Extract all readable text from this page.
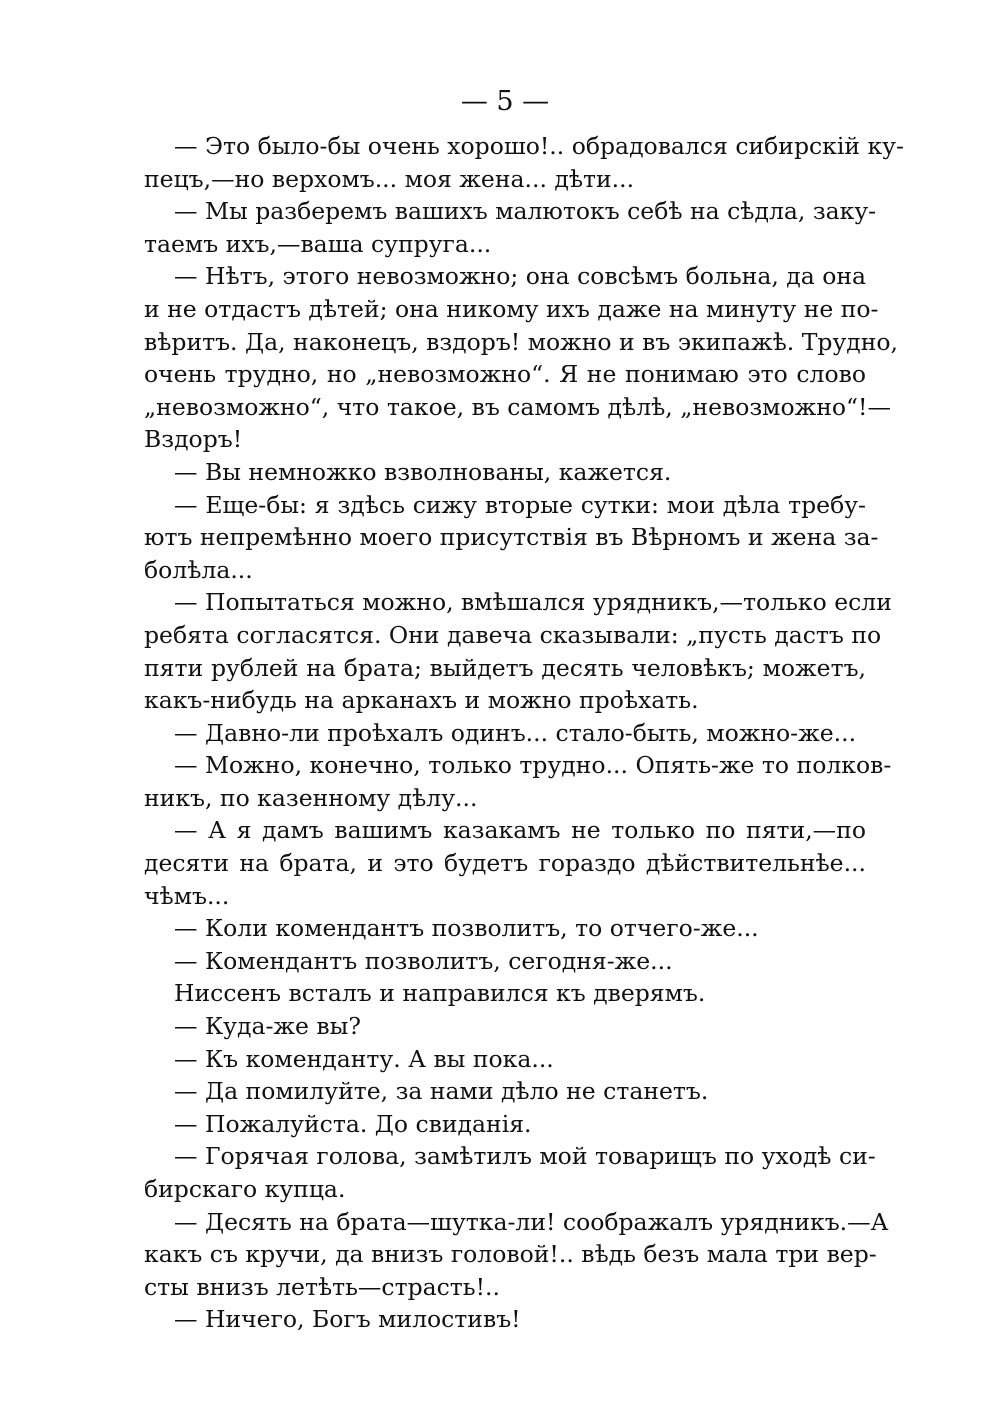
— 5 —
— Это было-бы очень хорошо!.. обрадовался сибирскій ку-
пецъ,—но верхомъ... моя жена... дѣти...
— Мы разберемъ вашихъ малютокъ себѣ на сѣдла, заку-
таемъ ихъ,—ваша супруга...
— Нѣтъ, этого невозможно; она совсѣмъ больна, да она
и не отдастъ дѣтей; она никому ихъ даже на минуту не по-
вѣритъ. Да, наконецъ, вздоръ! можно и въ экипажѣ. Трудно,
очень трудно, но „невозможно“. Я не понимаю это слово
„невозможно“, что такое, въ самомъ дѣлѣ, „невозможно“!—
Вздоръ!
— Вы немножко взволнованы, кажется.
— Еще-бы: я здѣсь сижу вторые сутки: мои дѣла требу-
ютъ непремѣнно моего присутствія въ Вѣрномъ и жена за-
болѣла...
— Попытаться можно, вмѣшался урядникъ,—только если
ребята согласятся. Они давеча сказывали: „пусть дастъ по
пяти рублей на брата; выйдетъ десять человѣкъ; можетъ,
какъ-нибудь на арканахъ и можно проѣхать.
— Давно-ли проѣхалъ одинъ... стало-быть, можно-же...
— Можно, конечно, только трудно... Опять-же то полков-
никъ, по казенному дѣлу...
— А я дамъ вашимъ казакамъ не только по пяти,—по
десяти на брата, и это будетъ гораздо дѣйствительнѣе...
чѣмъ...
— Коли комендантъ позволитъ, то отчего-же...
— Комендантъ позволитъ, сегодня-же...
Ниссенъ всталъ и направился къ дверямъ.
— Куда-же вы?
— Къ коменданту. А вы пока...
— Да помилуйте, за нами дѣло не станетъ.
— Пожалуйста. До свиданія.
— Горячая голова, замѣтилъ мой товарищъ по уходѣ си-
бирскаго купца.
— Десять на брата—шутка-ли! соображалъ урядникъ.—А
какъ съ кручи, да внизъ головой!.. вѣдь безъ мала три вер-
сты внизъ летѣть—страсть!..
— Ничего, Богъ милостивъ!
